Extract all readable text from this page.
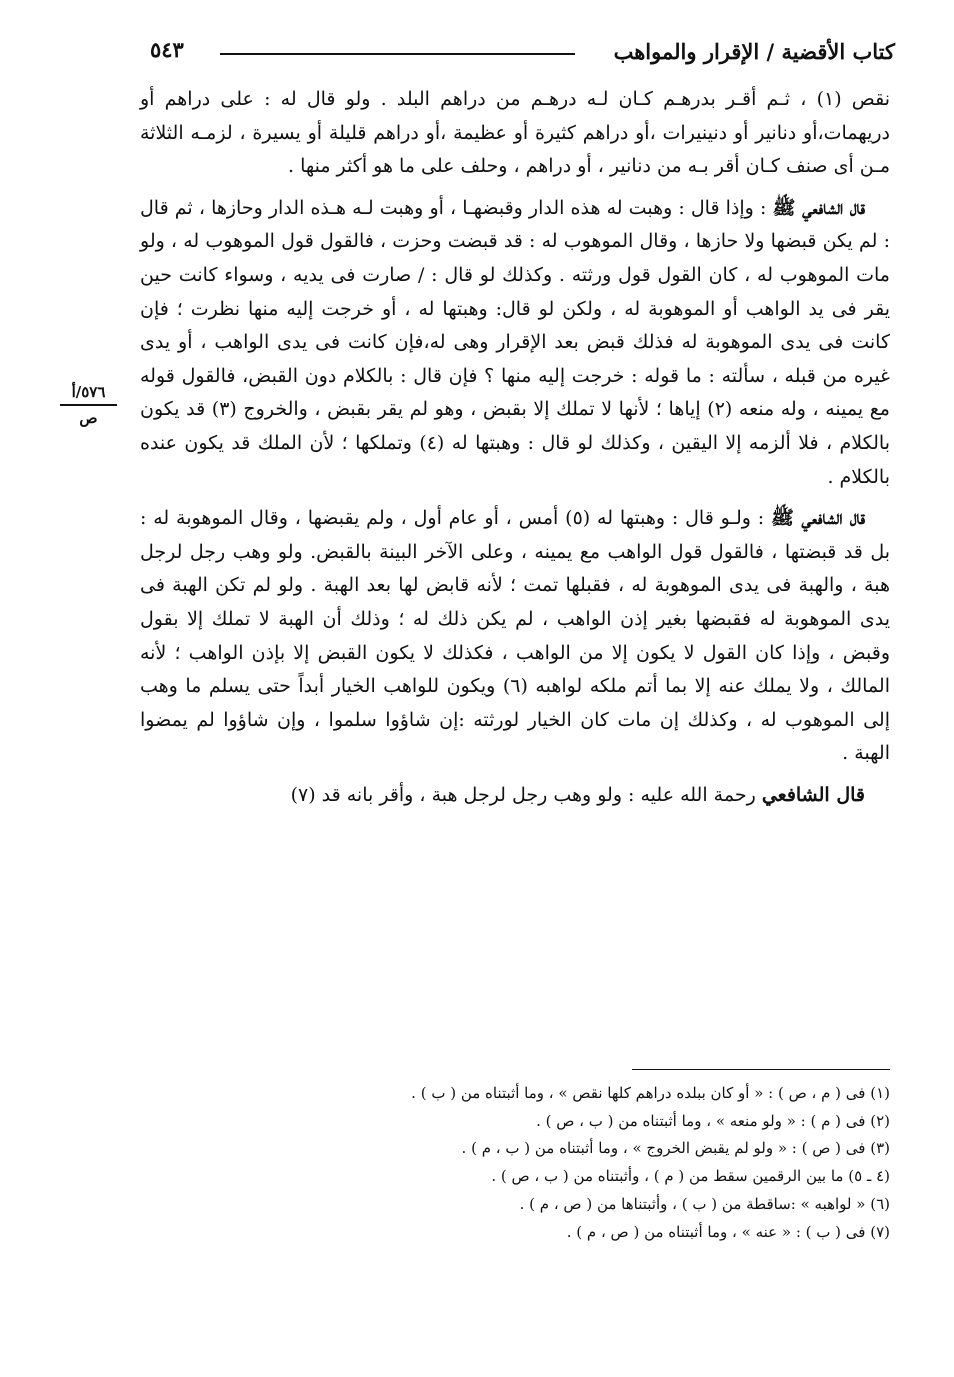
كتاب الأقضية / الإقرار والمواهب
٥٤٣
٥٧٦/أ
ص

نقص (١) ، ثـم أقـر بدرهـم كـان لـه درهـم من دراهم البلد . ولو قال له : على دراهم أو دريهمات،أو دنانير أو دنينيرات ،أو دراهم كثيرة أو عظيمة ،أو دراهم قليلة أو يسيرة ، لزمـه الثلاثة مـن أى صنف كـان أقر بـه من دنانير ، أو دراهم ، وحلف على ما هو أكثر منها .

قال الشافعي ﷺ : وإذا قال : وهبت له هذه الدار وقبضهـا ، أو وهبت لـه هـذه الدار وحازها ، ثم قال : لم يكن قبضها ولا حازها ، وقال الموهوب له : قد قبضت وحزت ، فالقول قول الموهوب له ، ولو مات الموهوب له ، كان القول قول ورثته . وكذلك لو قال : / صارت فى يديه ، وسواء كانت حين يقر فى يد الواهب أو الموهوبة له ، ولكن لو قال: وهبتها له ، أو خرجت إليه منها نظرت ؛ فإن كانت فى يدى الموهوبة له فذلك قبض بعد الإقرار وهى له،فإن كانت فى يدى الواهب ، أو يدى غيره من قبله ، سألته : ما قوله : خرجت إليه منها ؟ فإن قال : بالكلام دون القبض، فالقول قوله مع يمينه ، وله منعه (٢) إياها ؛ لأنها لا تملك إلا بقبض ، وهو لم يقر بقبض ، والخروج (٣) قد يكون بالكلام ، فلا ألزمه إلا اليقين ، وكذلك لو قال : وهبتها له (٤) وتملكها ؛ لأن الملك قد يكون عنده بالكلام .

قال الشافعي ﷺ : ولـو قال : وهبتها له (٥) أمس ، أو عام أول ، ولم يقبضها ، وقال الموهوبة له : بل قد قبضتها ، فالقول قول الواهب مع يمينه ، وعلى الآخر البينة بالقبض. ولو وهب رجل لرجل هبة ، والهبة فى يدى الموهوبة له ، فقبلها تمت ؛ لأنه قابض لها بعد الهبة . ولو لم تكن الهبة فى يدى الموهوبة له فقبضها بغير إذن الواهب ، لم يكن ذلك له ؛ وذلك أن الهبة لا تملك إلا بقول وقبض ، وإذا كان القول لا يكون إلا من الواهب ، فكذلك لا يكون القبض إلا بإذن الواهب ؛ لأنه المالك ، ولا يملك عنه إلا بما أتم ملكه لواهبه (٦) ويكون للواهب الخيار أبداً حتى يسلم ما وهب إلى الموهوب له ، وكذلك إن مات كان الخيار لورثته :إن شاؤوا سلموا ، وإن شاؤوا لم يمضوا الهبة .

قال الشافعي رحمة الله عليه : ولو وهب رجل لرجل هبة ، وأقر بانه قد (٧)

(١) فى ( م ، ص ) : « أو كان ببلده دراهم كلها نقص » ، وما أثبتناه من ( ب ) .
(٢) فى ( م ) : « ولو منعه » ، وما أثبتناه من ( ب ، ص ) .
(٣) فى ( ص ) : « ولو لم يقبض الخروج » ، وما أثبتناه من ( ب ، م ) .
(٤ ـ ٥) ما بين الرقمين سقط من ( م ) ، وأثبتناه من ( ب ، ص ) .
(٦) « لواهبه » :ساقطة من ( ب ) ، وأثبتناها من ( ص ، م ) .
(٧) فى ( ب ) : « عنه » ، وما أثبتناه من ( ص ، م ) .
